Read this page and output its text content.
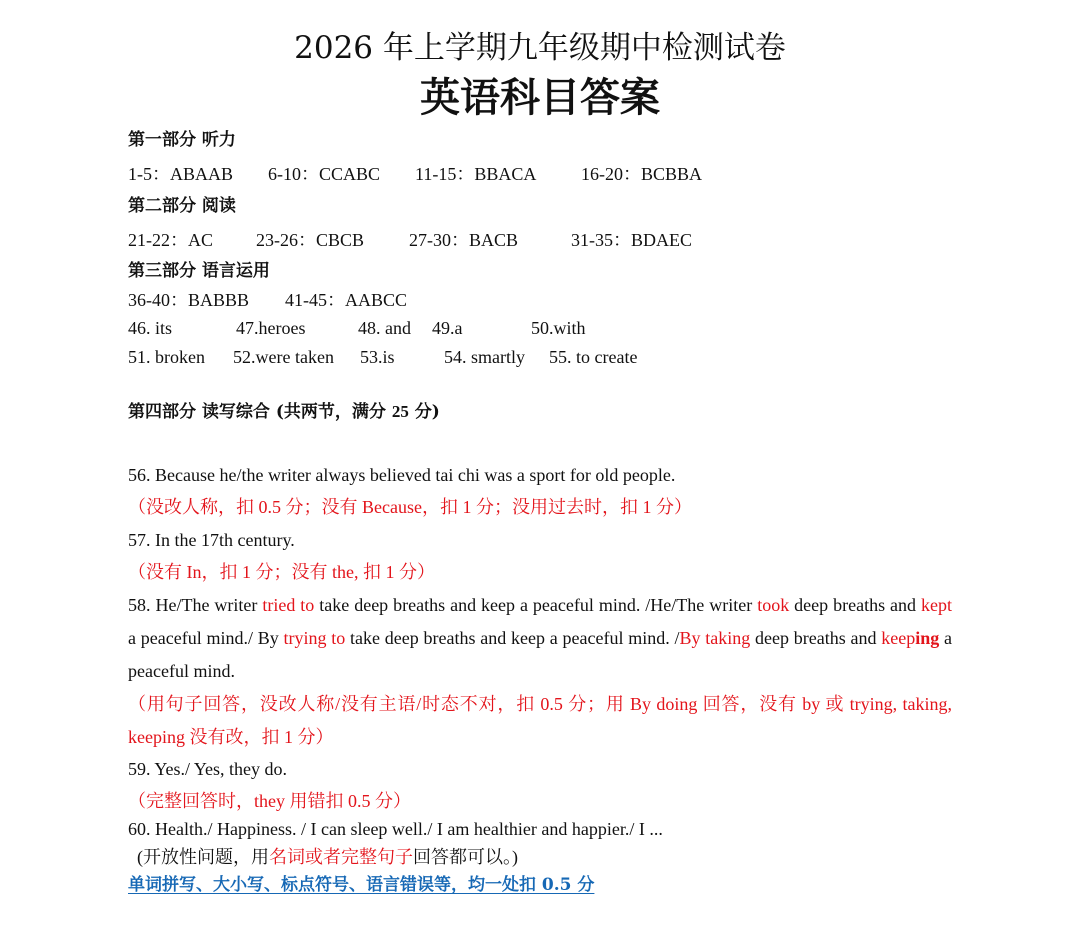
2026 年上学期九年级期中检测试卷
英语科目答案
第一部分 听力
1-5：ABAAB 6-10：CCABC 11-15：BBACA 16-20：BCBBA
第二部分 阅读
21-22：AC 23-26：CBCB 27-30：BACB	31-35：BDAEC
第三部分 语言运用
36-40：BABBB 41-45：AABCC
46. its	47.heroes	48. and 49.a	50.with
51. broken 52.were taken 53.is	54. smartly 55. to create
第四部分 读写综合 (共两节，满分 25 分)
56. Because he/the writer always believed tai chi was a sport for old people.
（没改人称，扣 0.5 分；没有 Because，扣 1 分；没用过去时，扣 1 分）
57. In the 17th century.
（没有 In，扣 1 分；没有 the, 扣 1 分）
58. He/The writer tried to take deep breaths and keep a peaceful mind. /He/The writer took deep breaths and kept a peaceful mind./ By trying to take deep breaths and keep a peaceful mind. /By taking deep breaths and keeping a peaceful mind.
（用句子回答，没改人称/没有主语/时态不对，扣 0.5 分；用 By doing 回答，没有 by 或 trying, taking, keeping 没有改，扣 1 分）
59. Yes./ Yes, they do.
（完整回答时，they 用错扣 0.5 分）
60. Health./ Happiness. / I can sleep well./ I am healthier and happier./ I ...
(开放性问题，用名词或者完整句子回答都可以。)
单词拼写、大小写、标点符号、语言错误等，均一处扣 0.5 分
